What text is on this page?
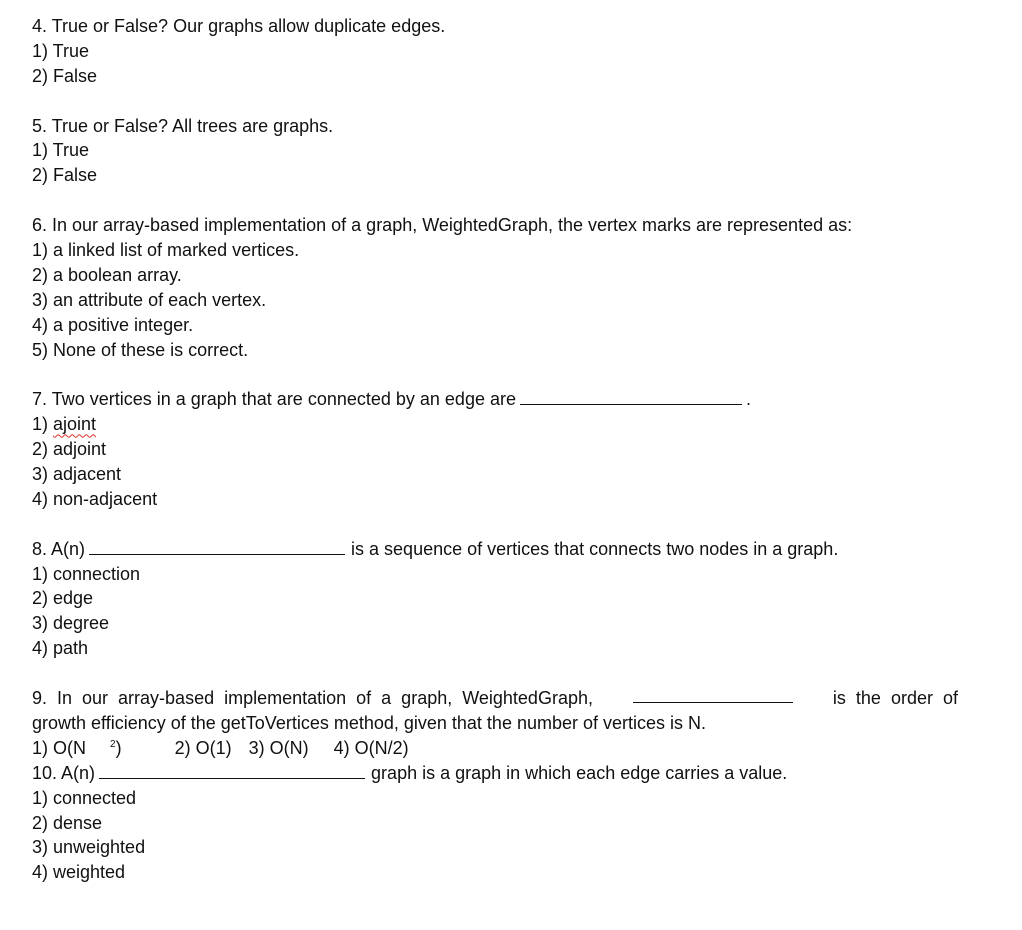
4. True or False? Our graphs allow duplicate edges.
1) True
2) False
5. True or False? All trees are graphs.
1) True
2) False
6. In our array-based implementation of a graph, WeightedGraph, the vertex marks are represented as:
1) a linked list of marked vertices.
2) a boolean array.
3) an attribute of each vertex.
4) a positive integer.
5) None of these is correct.
7. Two vertices in a graph that are connected by an edge are	.
1) ajoint
2) adjoint
3) adjacent
4) non-adjacent
8. A(n)	is a sequence of vertices that connects two nodes in a graph.
1) connection
2) edge
3) degree
4) path
9.  In  our  array-based  implementation  of  a  graph,  WeightedGraph,	is  the  order  of
growth efficiency of the getToVertices method, given that the number of vertices is N.
1) O(N $^2$)	2) O(1) 3) O(N) 4) O(N/2)
10. A(n)	graph is a graph in which each edge carries a value.
1) connected
2) dense
3) unweighted
4) weighted
